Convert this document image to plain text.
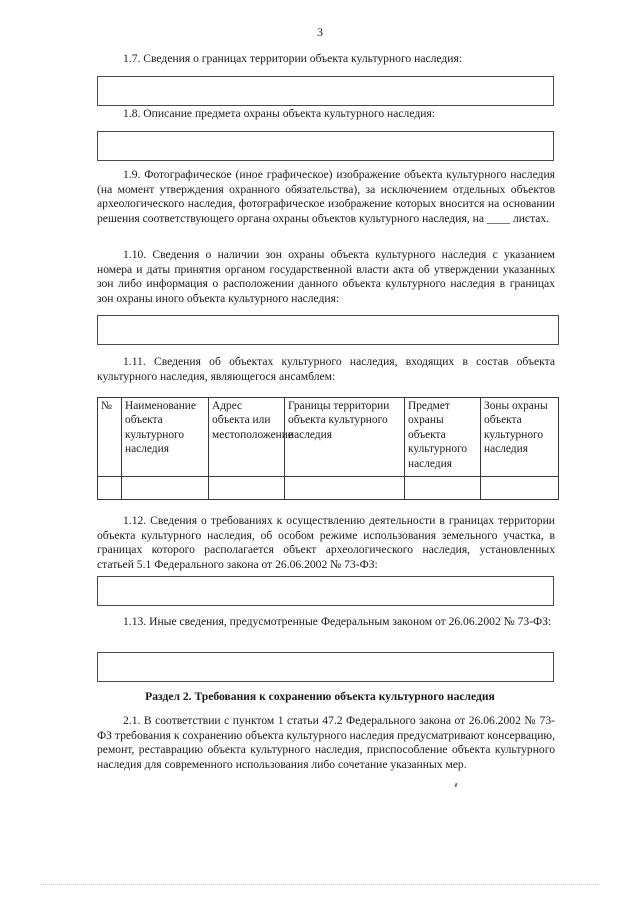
3

1.7. Сведения о границах территории объекта культурного наследия:

1.8. Описание предмета охраны объекта культурного наследия:

1.9. Фотографическое (иное графическое) изображение объекта культурного наследия (на момент утверждения охранного обязательства), за исключением отдельных объектов археологического наследия, фотографическое изображение которых вносится на основании решения соответствующего органа охраны объектов культурного наследия, на ____ листах.

1.10. Сведения о наличии зон охраны объекта культурного наследия с указанием номера и даты принятия органом государственной власти акта об утверждении указанных зон либо информация о расположении данного объекта культурного наследия в границах зон охраны иного объекта культурного наследия:

1.11. Сведения об объектах культурного наследия, входящих в состав объекта культурного наследия, являющегося ансамблем:

№	Наименование объекта культурного наследия	Адрес объекта или местоположение	Границы территории объекта культурного наследия	Предмет охраны объекта культурного наследия	Зоны охраны объекта культурного наследия

1.12. Сведения о требованиях к осуществлению деятельности в границах территории объекта культурного наследия, об особом режиме использования земельного участка, в границах которого располагается объект археологического наследия, установленных статьей 5.1 Федерального закона от 26.06.2002 № 73-ФЗ:

1.13. Иные сведения, предусмотренные Федеральным законом от 26.06.2002 № 73-ФЗ:

Раздел 2. Требования к сохранению объекта культурного наследия

2.1. В соответствии с пунктом 1 статьи 47.2 Федерального закона от 26.06.2002 № 73-ФЗ требования к сохранению объекта культурного наследия предусматривают консервацию, ремонт, реставрацию объекта культурного наследия, приспособление объекта культурного наследия для современного использования либо сочетание указанных мер.
